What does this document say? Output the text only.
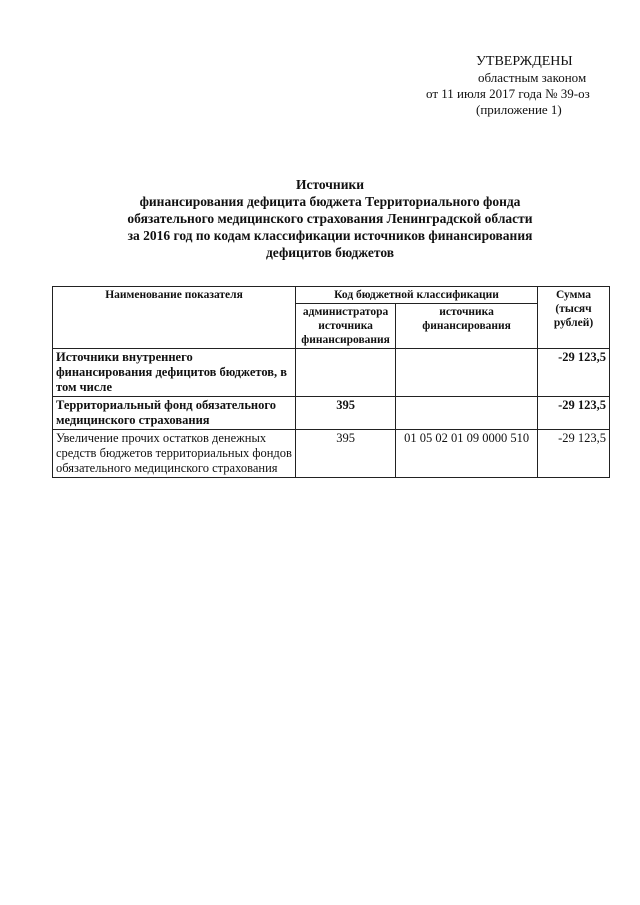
УТВЕРЖДЕНЫ
областным законом
от 11 июля 2017 года № 39-оз
(приложение 1)
Источники
финансирования дефицита бюджета Территориального фонда
обязательного медицинского страхования Ленинградской области
за 2016 год по кодам классификации источников финансирования
дефицитов бюджетов
Наименование показателя	Код бюджетной классификации		Сумма (тысяч рублей)
	администратора источника финансирования	источника финансирования	
Источники внутреннего финансирования дефицитов бюджетов, в том числе			-29 123,5
Территориальный фонд обязательного медицинского страхования	395		-29 123,5
Увеличение прочих остатков денежных средств бюджетов территориальных фондов обязательного медицинского страхования	395	01 05 02 01 09 0000 510	-29 123,5
